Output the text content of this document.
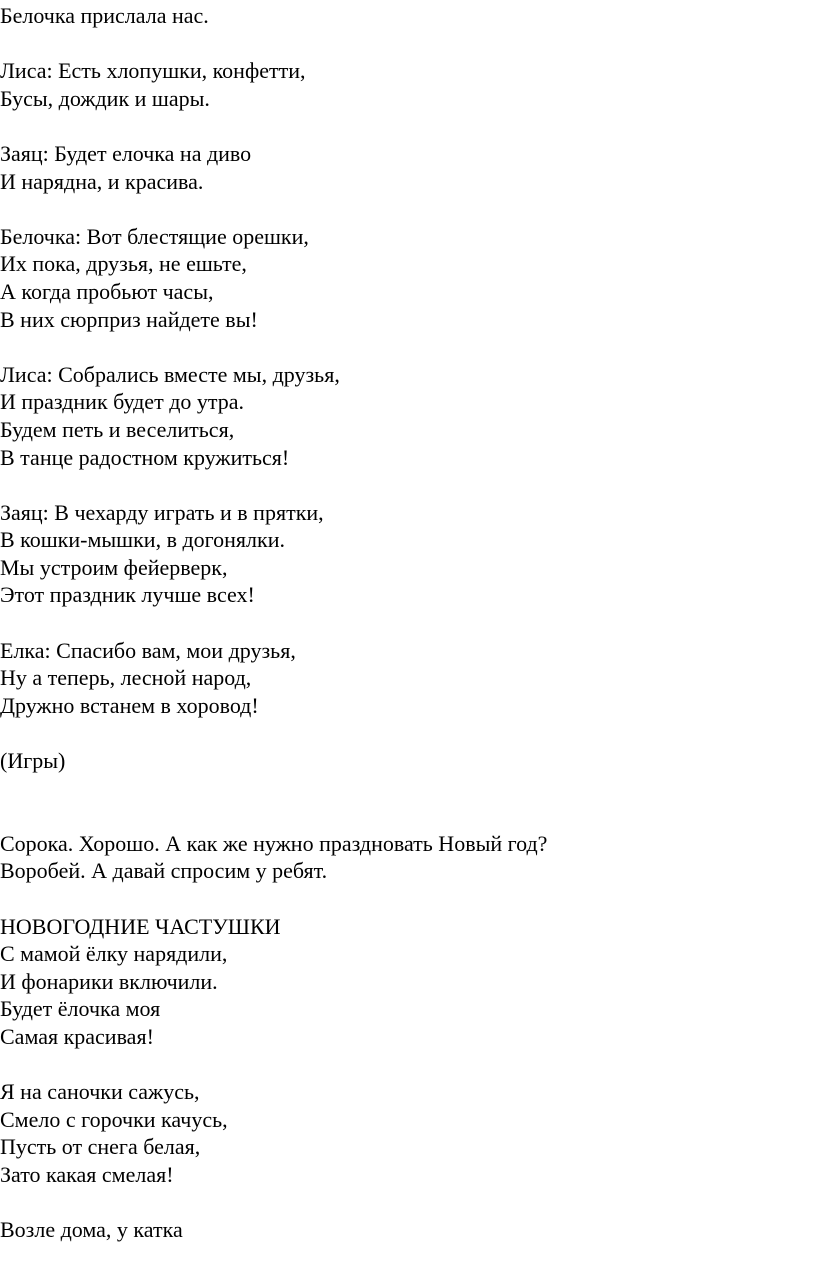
Белочка прислала нас.
Лиса: Есть хлопушки, конфетти,
Бусы, дождик и шары.
Заяц: Будет елочка на диво
И нарядна, и красива.
Белочка: Вот блестящие орешки,
Их пока, друзья, не ешьте,
А когда пробьют часы,
В них сюрприз найдете вы!
Лиса: Собрались вместе мы, друзья,
И праздник будет до утра.
Будем петь и веселиться,
В танце радостном кружиться!
Заяц: В чехарду играть и в прятки,
В кошки-мышки, в догонялки.
Мы устроим фейерверк,
Этот праздник лучше всех!
Елка: Спасибо вам, мои друзья,
Ну а теперь, лесной народ,
Дружно встанем в хоровод!
(Игры)
Сорока. Хорошо. А как же нужно праздновать Новый год?
Воробей. А давай спросим у ребят.
НОВОГОДНИЕ ЧАСТУШКИ
С мамой ёлку нарядили,
И фонарики включили.
Будет ёлочка моя
Самая красивая!
Я на саночки сажусь,
Смело с горочки качусь,
Пусть от снега белая,
Зато какая смелая!
Возле дома, у катка
